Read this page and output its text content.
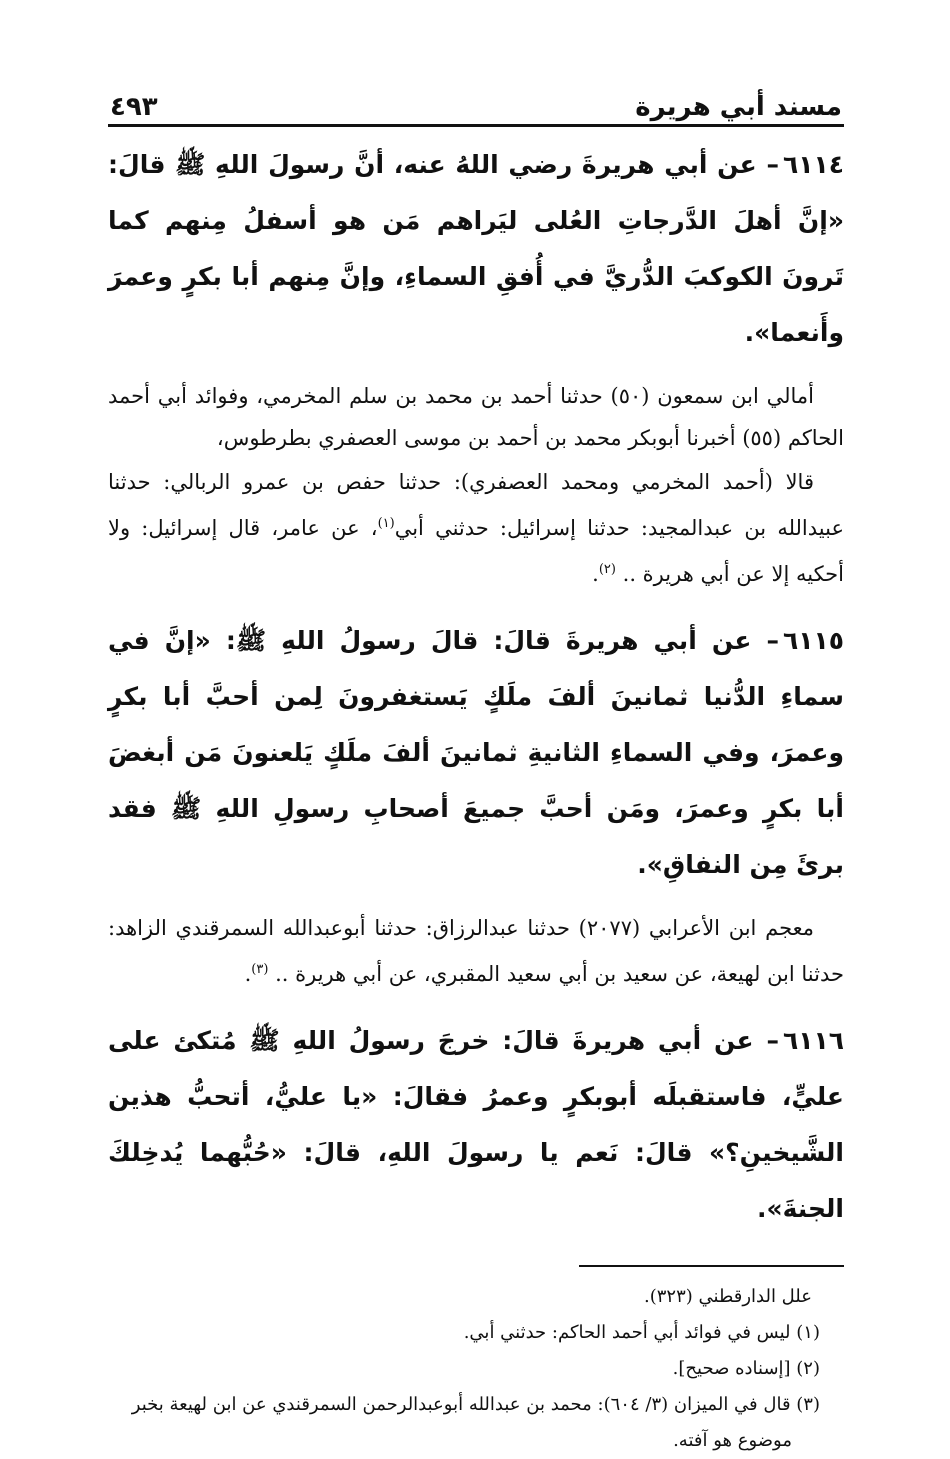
مسند أبي هريرة
٤٩٣

٦١١٤– عن أبي هريرةَ رضي اللهُ عنه، أنَّ رسولَ اللهِ ﷺ قالَ: «إنَّ أهلَ الدَّرجاتِ العُلى ليَراهم مَن هو أسفلُ مِنهم كما تَرونَ الكوكبَ الدُّريَّ في أُفقِ السماءِ، وإنَّ مِنهم أبا بكرٍ وعمرَ وأَنعما».

أمالي ابن سمعون (٥٠) حدثنا أحمد بن محمد بن سلم المخرمي، وفوائد أبي أحمد الحاكم (٥٥) أخبرنا أبوبكر محمد بن أحمد بن موسى العصفري بطرطوس،

قالا (أحمد المخرمي ومحمد العصفري): حدثنا حفص بن عمرو الربالي: حدثنا عبيدالله بن عبدالمجيد: حدثنا إسرائيل: حدثني أبي$^{(١)}$، عن عامر، قال إسرائيل: ولا أحكيه إلا عن أبي هريرة .. $^{(٢)}$.

٦١١٥– عن أبي هريرةَ قالَ: قالَ رسولُ اللهِ ﷺ: «إنَّ في سماءِ الدُّنيا ثمانينَ ألفَ ملَكٍ يَستغفرونَ لِمن أحبَّ أبا بكرٍ وعمرَ، وفي السماءِ الثانيةِ ثمانينَ ألفَ ملَكٍ يَلعنونَ مَن أبغضَ أبا بكرٍ وعمرَ، ومَن أحبَّ جميعَ أصحابِ رسولِ اللهِ ﷺ فقد برئَ مِن النفاقِ».

معجم ابن الأعرابي (٢٠٧٧) حدثنا عبدالرزاق: حدثنا أبوعبدالله السمرقندي الزاهد: حدثنا ابن لهيعة، عن سعيد بن أبي سعيد المقبري، عن أبي هريرة .. $^{(٣)}$.

٦١١٦– عن أبي هريرةَ قالَ: خرجَ رسولُ اللهِ ﷺ مُتكئ على عليٍّ، فاستقبلَه أبوبكرٍ وعمرُ فقالَ: «يا عليُّ، أتحبُّ هذين الشَّيخينِ؟» قالَ: نَعم يا رسولَ اللهِ، قالَ: «حُبُّهما يُدخِلكَ الجنةَ».

علل الدارقطني (٣٢٣).

(١) ليس في فوائد أبي أحمد الحاكم: حدثني أبي.

(٢) [إسناده صحيح].

(٣) قال في الميزان (٣/ ٦٠٤): محمد بن عبدالله أبوعبدالرحمن السمرقندي عن ابن لهيعة بخبر

موضوع هو آفته.
